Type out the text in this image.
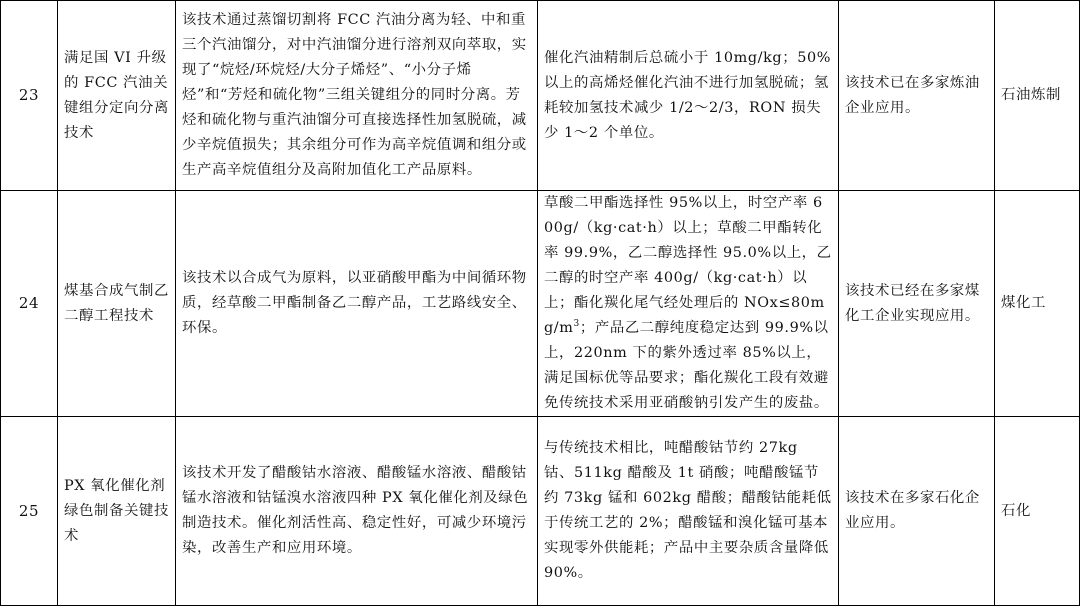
23	满足国 VI 升级的 FCC 汽油关键组分定向分离技术	该技术通过蒸馏切割将 FCC 汽油分离为轻、中和重三个汽油馏分，对中汽油馏分进行溶剂双向萃取，实现了“烷烃/环烷烃/大分子烯烃”、“小分子烯烃”和“芳烃和硫化物”三组关键组分的同时分离。芳烃和硫化物与重汽油馏分可直接选择性加氢脱硫，减少辛烷值损失；其余组分可作为高辛烷值调和组分或生产高辛烷值组分及高附加值化工产品原料。	催化汽油精制后总硫小于 10mg/kg；50%以上的高烯烃催化汽油不进行加氢脱硫；氢耗较加氢技术减少 1/2～2/3，RON 损失少 1～2 个单位。	该技术已在多家炼油企业应用。	石油炼制
24	煤基合成气制乙二醇工程技术	该技术以合成气为原料，以亚硝酸甲酯为中间循环物质，经草酸二甲酯制备乙二醇产品，工艺路线安全、环保。	草酸二甲酯选择性 95%以上，时空产率 600g/（kg·cat·h）以上；草酸二甲酯转化率 99.9%，乙二醇选择性 95.0%以上，乙二醇的时空产率 400g/（kg·cat·h）以上；酯化羰化尾气经处理后的 $NOx\le 80mg/m^3$；产品乙二醇纯度稳定达到 99.9%以上，220nm 下的紫外透过率 85%以上，满足国标优等品要求；酯化羰化工段有效避免传统技术采用亚硝酸钠引发产生的废盐。	该技术已经在多家煤化工企业实现应用。	煤化工
25	PX 氧化催化剂绿色制备关键技术	该技术开发了醋酸钴水溶液、醋酸锰水溶液、醋酸钴锰水溶液和钴锰溴水溶液四种 PX 氧化催化剂及绿色制造技术。催化剂活性高、稳定性好，可减少环境污染，改善生产和应用环境。	与传统技术相比，吨醋酸钴节约 27kg 钴、511kg 醋酸及 1t 硝酸；吨醋酸锰节约 73kg 锰和 602kg 醋酸；醋酸钴能耗低于传统工艺的 2%；醋酸锰和溴化锰可基本实现零外供能耗；产品中主要杂质含量降低 90%。	该技术在多家石化企业应用。	石化
